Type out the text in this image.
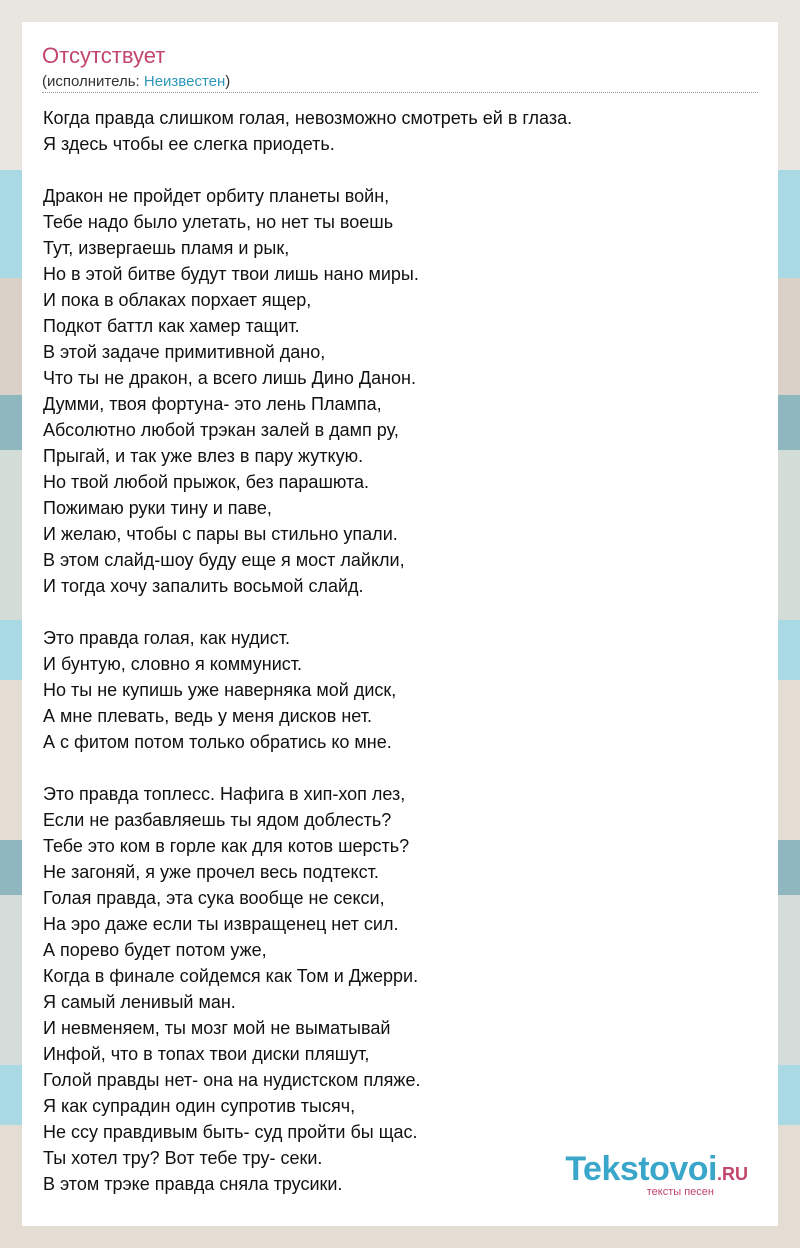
Отсутствует
(исполнитель: Неизвестен)
Когда правда слишком голая, невозможно смотреть ей в глаза.
Я здесь чтобы ее слегка приодеть.
Дракон не пройдет орбиту планеты войн,
Тебе надо было улетать, но нет ты воешь
Тут, извергаешь пламя и рык,
Но в этой битве будут твои лишь нано миры.
И пока в облаках порхает ящер,
Подкот баттл как хамер тащит.
В этой задаче примитивной дано,
Что ты не дракон, а всего лишь Дино Данон.
Думми, твоя фортуна- это лень Плампа,
Абсолютно любой трэкан залей в дамп ру,
Прыгай, и так уже влез в пару жуткую.
Но твой любой прыжок, без парашюта.
Пожимаю руки тину и паве,
И желаю, чтобы с пары вы стильно упали.
В этом слайд-шоу буду еще я мост лайкли,
И тогда хочу запалить восьмой слайд.
Это правда голая, как нудист.
И бунтую, словно я коммунист.
Но ты не купишь уже наверняка мой диск,
А мне плевать, ведь у меня дисков нет.
А с фитом потом только обратись ко мне.
Это правда топлесс. Нафига в хип-хоп лез,
Если не разбавляешь ты ядом доблесть?
Тебе это ком в горле как для котов шерсть?
Не загоняй, я уже прочел весь подтекст.
Голая правда, эта сука вообще не секси,
На эро даже если ты извращенец нет сил.
А порево будет потом уже,
Когда в финале сойдемся как Том и Джерри.
Я самый ленивый ман.
И невменяем, ты мозг мой не выматывай
Инфой, что в топах твои диски пляшут,
Голой правды нет- она на нудистском пляже.
Я как супрадин один супротив тысяч,
Не ссу правдивым быть- суд пройти бы щас.
Ты хотел тру? Вот тебе тру- секи.
В этом трэке правда сняла трусики.	Tekstovoi.RU
тексты песен
